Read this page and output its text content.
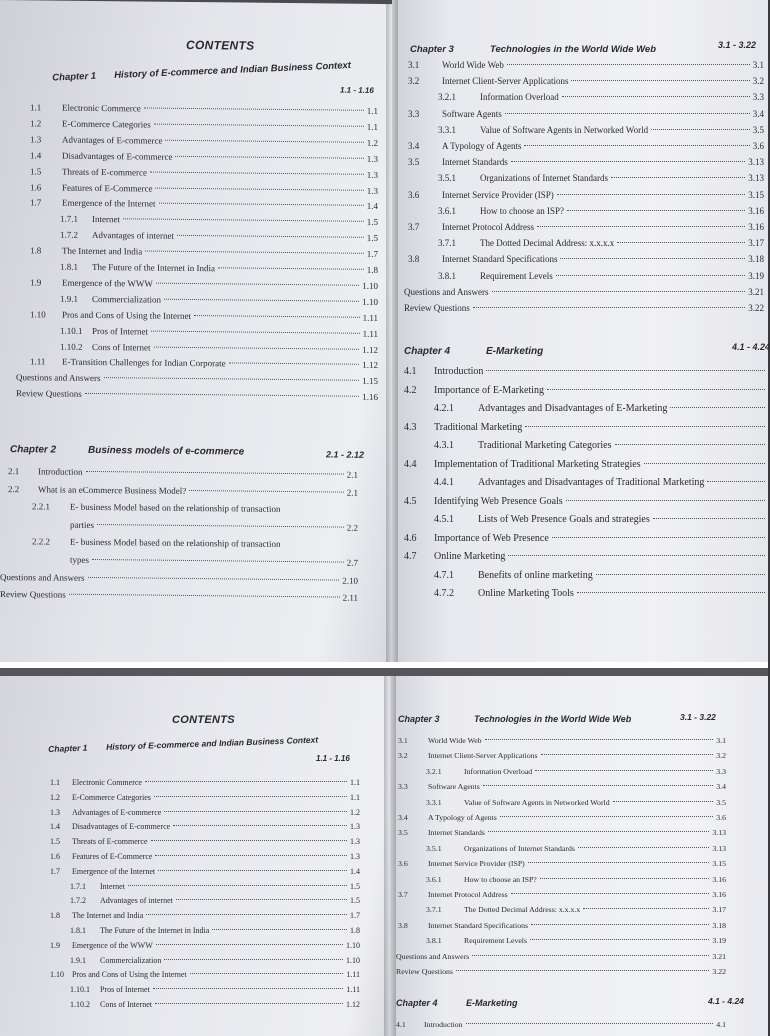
CONTENTS
Chapter 1 History of E-commerce and Indian Business Context
1.1 - 1.16
1.1	Electronic Commerce	1.1
1.2	E-Commerce Categories	1.1
1.3	Advantages of E-commerce	1.2
1.4	Disadvantages of E-commerce	1.3
1.5	Threats of E-commerce	1.3
1.6	Features of E-Commerce	1.3
1.7	Emergence of the Internet	1.4
1.7.1	Internet	1.5
1.7.2	Advantages of internet	1.5
1.8	The Internet and India	1.7
1.8.1	The Future of the Internet in India	1.8
1.9	Emergence of the WWW	1.10
1.9.1	Commercialization	1.10
1.10	Pros and Cons of Using the Internet	1.11
1.10.1	Pros of Internet	1.11
1.10.2	Cons of Internet	1.12
1.11	E-Transition Challenges for Indian Corporate	1.12
Questions and Answers	1.15
Review Questions	1.16
Chapter 2	Business models of e-commerce	2.1 - 2.12
2.1	Introduction	2.1
2.2	What is an eCommerce Business Model?	2.1
2.2.1	E- business Model based on the relationship of transaction
parties	2.2
2.2.2	E- business Model based on the relationship of transaction
types	2.7
Questions and Answers	2.10
Review Questions	2.11
Chapter 3	Technologies in the World Wide Web	3.1 - 3.22
3.1	World Wide Web	3.1
3.2	Internet Client-Server Applications	3.2
3.2.1	Information Overload	3.3
3.3	Software Agents	3.4
3.3.1	Value of Software Agents in Networked World	3.5
3.4	A Typology of Agents	3.6
3.5	Internet Standards	3.13
3.5.1	Organizations of Internet Standards	3.13
3.6	Internet Service Provider (ISP)	3.15
3.6.1	How to choose an ISP?	3.16
3.7	Internet Protocol Address	3.16
3.7.1	The Dotted Decimal Address: x.x.x.x	3.17
3.8	Internet Standard Specifications	3.18
3.8.1	Requirement Levels	3.19
Questions and Answers	3.21
Review Questions	3.22
Chapter 4	E-Marketing	4.1 - 4.24
4.1	Introduction
4.2	Importance of E-Marketing
4.2.1	Advantages and Disadvantages of E-Marketing
4.3	Traditional Marketing
4.3.1	Traditional Marketing Categories
4.4	Implementation of Traditional Marketing Strategies
4.4.1	Advantages and Disadvantages of Traditional Marketing
4.5	Identifying Web Presence Goals
4.5.1	Lists of Web Presence Goals and strategies
4.6	Importance of Web Presence
4.7	Online Marketing
4.7.1	Benefits of online marketing
4.7.2	Online Marketing Tools
CONTENTS
Chapter 1 History of E-commerce and Indian Business Context
1.1 - 1.16
1.1	Electronic Commerce	1.1
1.2	E-Commerce Categories	1.1
1.3	Advantages of E-commerce	1.2
1.4	Disadvantages of E-commerce	1.3
1.5	Threats of E-commerce	1.3
1.6	Features of E-Commerce	1.3
1.7	Emergence of the Internet	1.4
1.7.1	Internet	1.5
1.7.2	Advantages of internet	1.5
1.8	The Internet and India	1.7
1.8.1	The Future of the Internet in India	1.8
1.9	Emergence of the WWW	1.10
1.9.1	Commercialization	1.10
1.10	Pros and Cons of Using the Internet	1.11
1.10.1	Pros of Internet	1.11
1.10.2	Cons of Internet	1.12
Chapter 3	Technologies in the World Wide Web	3.1 - 3.22
3.1	World Wide Web	3.1
3.2	Internet Client-Server Applications	3.2
3.2.1	Information Overload	3.3
3.3	Software Agents	3.4
3.3.1	Value of Software Agents in Networked World	3.5
3.4	A Typology of Agents	3.6
3.5	Internet Standards	3.13
3.5.1	Organizations of Internet Standards	3.13
3.6	Internet Service Provider (ISP)	3.15
3.6.1	How to choose an ISP?	3.16
3.7	Internet Protocol Address	3.16
3.7.1	The Dotted Decimal Address: x.x.x.x	3.17
3.8	Internet Standard Specifications	3.18
3.8.1	Requirement Levels	3.19
Questions and Answers	3.21
Review Questions	3.22
Chapter 4	E-Marketing	4.1 - 4.24
4.1	Introduction	4.1
